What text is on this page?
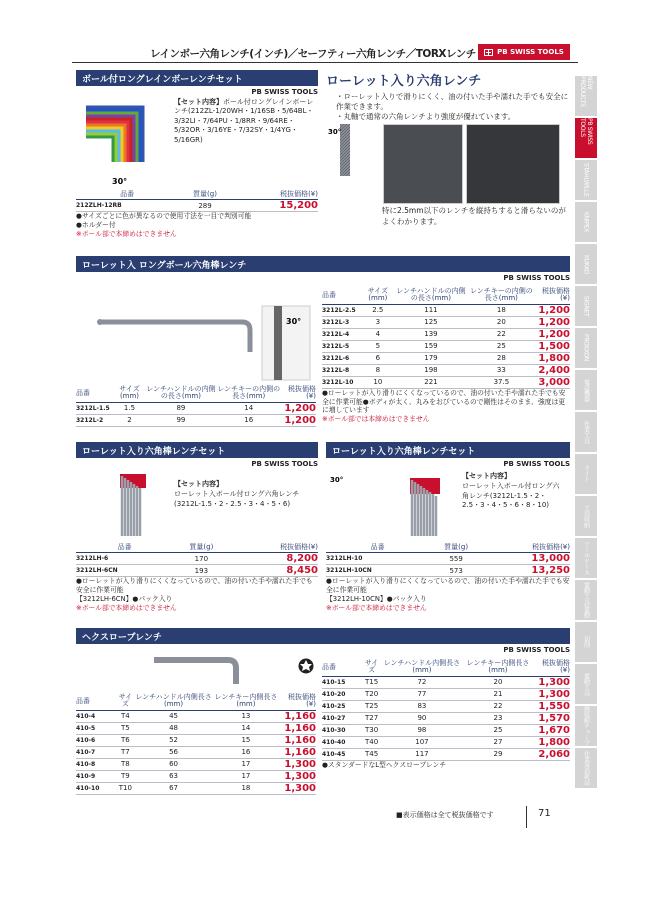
レインボー六角レンチ(インチ)／セーフティー六角レンチ／TORXレンチ	PB SWISS TOOLS
NEW PRODUCTS
PB SWISS TOOLS
STAHLWILLE
KNIPEX
KUKKO
SIGNET
PROXXON
電設機器
作業工具
ライト
工具収納
ツールケース
電動工具/電動
切削
電動工具
熱収縮チューブ
作業用消耗品
ボール付ロングレインボーレンチセット
PB SWISS TOOLS
30°
【セット内容】ボール付ロングレインボーレンチ(212ZL-1/20WH・1/16SB・5/64BL・3/32LI・7/64PU・1/8RR・9/64RE・5/32OR・3/16YE・7/32SY・1/4YG・5/16GR)
品番	質量(g)	税抜価格(¥)
212ZLH-12RB	289	15,200
●サイズごとに色が異なるので使用寸法を一目で判別可能
●ホルダー付
※ボール部で本締めはできません
ローレット入り六角レンチ
・ローレット入りで滑りにくく、油の付いた手や濡れた手でも安全に作業できます。
・丸軸で通常の六角レンチより強度が優れています。
30°
特に2.5mm以下のレンチを縦持ちすると滑らないのがよくわかります。
ローレット入 ロングボール六角棒レンチ
PB SWISS TOOLS
30°
品番	サイズ(mm)	レンチハンドルの内側の長さ(mm)	レンチキーの内側の長さ(mm)	税抜価格(¥)
3212L-1.5	1.5	89	14	1,200
3212L-2	2	99	16	1,200
品番	サイズ(mm)	レンチハンドルの内側の長さ(mm)	レンチキーの内側の長さ(mm)	税抜価格(¥)
3212L-2.5	2.5	111	18	1,200
3212L-3	3	125	20	1,200
3212L-4	4	139	22	1,200
3212L-5	5	159	25	1,500
3212L-6	6	179	28	1,800
3212L-8	8	198	33	2,400
3212L-10	10	221	37.5	3,000
●ローレットが入り滑りにくくなっているので、油の付いた手や濡れた手でも安全に作業可能●ボディが太く、丸みをおびているので剛性はそのまま、強度は更に増しています
※ボール部では本締めはできません
ローレット入り六角棒レンチセット
PB SWISS TOOLS
【セット内容】
ローレット入ボール付ロング六角レンチ(3212L-1.5・2・2.5・3・4・5・6)
品番	質量(g)	税抜価格(¥)
3212LH-6	170	8,200
3212LH-6CN	193	8,450
●ローレットが入り滑りにくくなっているので、油の付いた手や濡れた手でも安全に作業可能
【3212LH-6CN】●パック入り
※ボール部で本締めはできません
ローレット入り六角棒レンチセット
PB SWISS TOOLS
30°	【セット内容】
ローレット入ボール付ロング六角レンチ(3212L-1.5・2・2.5・3・4・5・6・8・10)
品番	質量(g)	税抜価格(¥)
3212LH-10	559	13,000
3212LH-10CN	573	13,250
●ローレットが入り滑りにくくなっているので、油の付いた手や濡れた手でも安全に作業可能
【3212LH-10CN】●パック入り
※ボール部で本締めはできません
ヘクスローブレンチ
PB SWISS TOOLS
品番	サイズ	レンチハンドル内側長さ(mm)	レンチキー内側長さ(mm)	税抜価格(¥)
410-4	T4	45	13	1,160
410-5	T5	48	14	1,160
410-6	T6	52	15	1,160
410-7	T7	56	16	1,160
410-8	T8	60	17	1,300
410-9	T9	63	17	1,300
410-10	T10	67	18	1,300
品番	サイズ	レンチハンドル内側長さ(mm)	レンチキー内側長さ(mm)	税抜価格(¥)
410-15	T15	72	20	1,300
410-20	T20	77	21	1,300
410-25	T25	83	22	1,550
410-27	T27	90	23	1,570
410-30	T30	98	25	1,670
410-40	T40	107	27	1,800
410-45	T45	117	29	2,060
●スタンダードなL型ヘクスローブレンチ
■表示価格は全て税抜価格です	71
